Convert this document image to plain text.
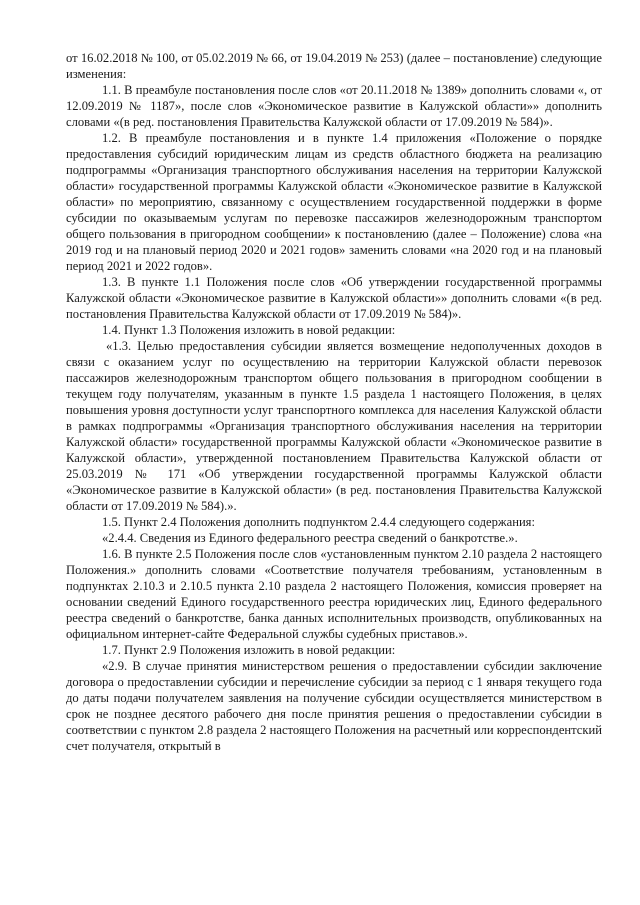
от 16.02.2018 № 100, от 05.02.2019 № 66, от 19.04.2019 № 253) (далее – постановление) следующие изменения:

1.1. В преамбуле постановления после слов «от 20.11.2018 № 1389» дополнить словами «, от 12.09.2019 № 1187», после слов «Экономическое развитие в Калужской области»» дополнить словами «(в ред. постановления Правительства Калужской области от 17.09.2019 № 584)».

1.2. В преамбуле постановления и в пункте 1.4 приложения «Положение о порядке предоставления субсидий юридическим лицам из средств областного бюджета на реализацию подпрограммы «Организация транспортного обслуживания населения на территории Калужской области» государственной программы Калужской области «Экономическое развитие в Калужской области» по мероприятию, связанному с осуществлением государственной поддержки в форме субсидии по оказываемым услугам по перевозке пассажиров железнодорожным транспортом общего пользования в пригородном сообщении» к постановлению (далее – Положение) слова «на 2019 год и на плановый период 2020 и 2021 годов» заменить словами «на 2020 год и на плановый период 2021 и 2022 годов».

1.3. В пункте 1.1 Положения после слов «Об утверждении государственной программы Калужской области «Экономическое развитие в Калужской области»» дополнить словами «(в ред. постановления Правительства Калужской области от 17.09.2019 № 584)».

1.4. Пункт 1.3 Положения изложить в новой редакции:

«1.3. Целью предоставления субсидии является возмещение недополученных доходов в связи с оказанием услуг по осуществлению на территории Калужской области перевозок пассажиров железнодорожным транспортом общего пользования в пригородном сообщении в текущем году получателям, указанным в пункте 1.5 раздела 1 настоящего Положения, в целях повышения уровня доступности услуг транспортного комплекса для населения Калужской области в рамках подпрограммы «Организация транспортного обслуживания населения на территории Калужской области» государственной программы Калужской области «Экономическое развитие в Калужской области», утвержденной постановлением Правительства Калужской области от 25.03.2019 № 171 «Об утверждении государственной программы Калужской области «Экономическое развитие в Калужской области» (в ред. постановления Правительства Калужской области от 17.09.2019 № 584).».

1.5. Пункт 2.4 Положения дополнить подпунктом 2.4.4 следующего содержания:

«2.4.4. Сведения из Единого федерального реестра сведений о банкротстве.».

1.6. В пункте 2.5 Положения после слов «установленным пунктом 2.10 раздела 2 настоящего Положения.» дополнить словами «Соответствие получателя требованиям, установленным в подпунктах 2.10.3 и 2.10.5 пункта 2.10 раздела 2 настоящего Положения, комиссия проверяет на основании сведений Единого государственного реестра юридических лиц, Единого федерального реестра сведений о банкротстве, банка данных исполнительных производств, опубликованных на официальном интернет-сайте Федеральной службы судебных приставов.».

1.7. Пункт 2.9 Положения изложить в новой редакции:

«2.9. В случае принятия министерством решения о предоставлении субсидии заключение договора о предоставлении субсидии и перечисление субсидии за период с 1 января текущего года до даты подачи получателем заявления на получение субсидии осуществляется министерством в срок не позднее десятого рабочего дня после принятия решения о предоставлении субсидии в соответствии с пунктом 2.8 раздела 2 настоящего Положения на расчетный или корреспондентский счет получателя, открытый в
